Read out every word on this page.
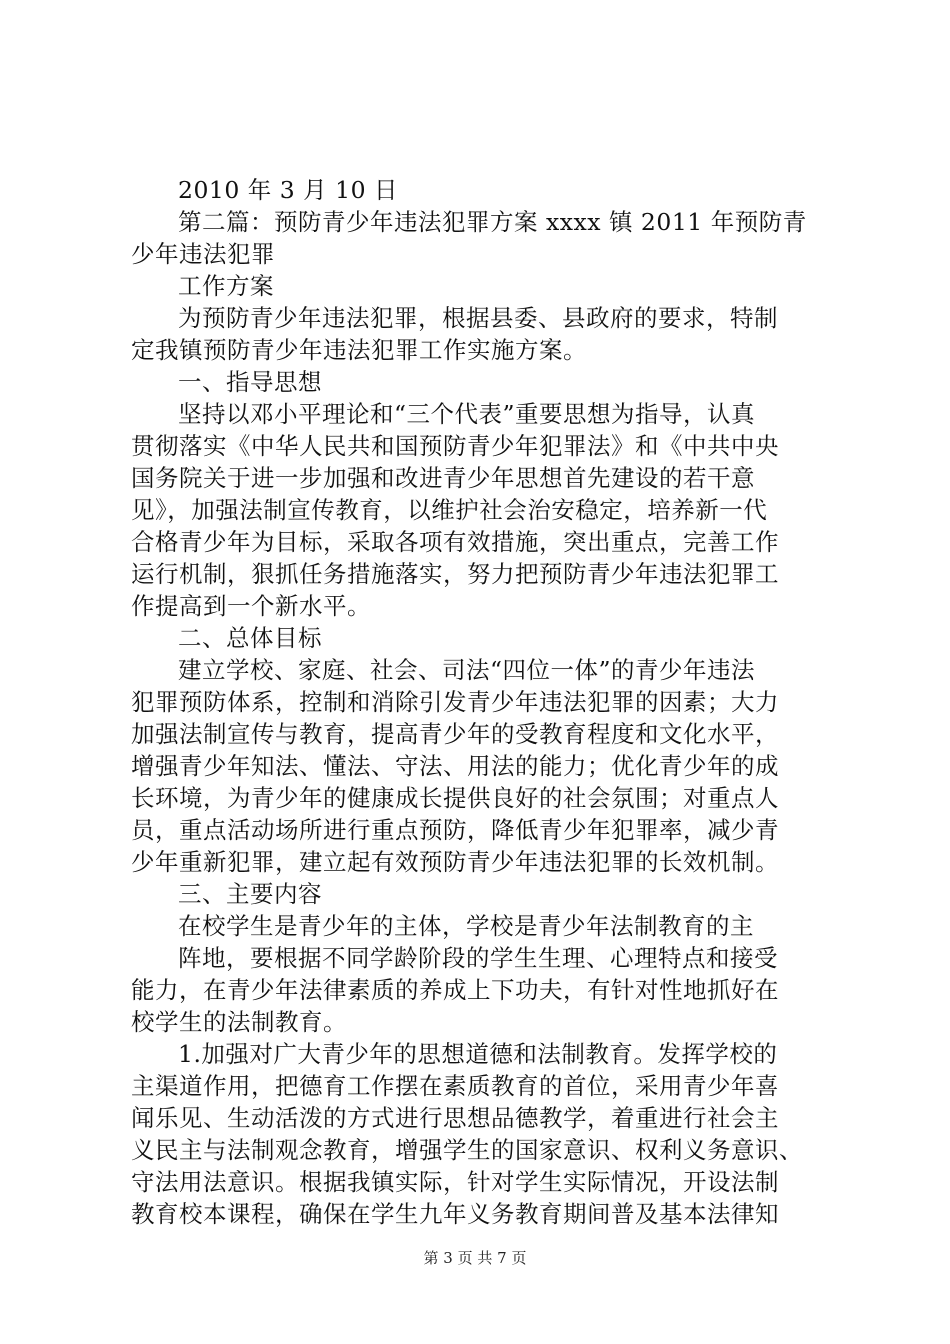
2010 年 3 月 10 日
第二篇：预防青少年违法犯罪方案 xxxx 镇 2011 年预防青
少年违法犯罪
工作方案
为预防青少年违法犯罪，根据县委、县政府的要求，特制
定我镇预防青少年违法犯罪工作实施方案。
一、指导思想
坚持以邓小平理论和“三个代表”重要思想为指导，认真
贯彻落实《中华人民共和国预防青少年犯罪法》和《中共中央
国务院关于进一步加强和改进青少年思想首先建设的若干意
见》，加强法制宣传教育，以维护社会治安稳定，培养新一代
合格青少年为目标，采取各项有效措施，突出重点，完善工作
运行机制，狠抓任务措施落实，努力把预防青少年违法犯罪工
作提高到一个新水平。
二、总体目标
建立学校、家庭、社会、司法“四位一体”的青少年违法
犯罪预防体系，控制和消除引发青少年违法犯罪的因素；大力
加强法制宣传与教育，提高青少年的受教育程度和文化水平，
增强青少年知法、懂法、守法、用法的能力；优化青少年的成
长环境，为青少年的健康成长提供良好的社会氛围；对重点人
员，重点活动场所进行重点预防，降低青少年犯罪率，减少青
少年重新犯罪，建立起有效预防青少年违法犯罪的长效机制。
三、主要内容
在校学生是青少年的主体，学校是青少年法制教育的主
阵地，要根据不同学龄阶段的学生生理、心理特点和接受
能力，在青少年法律素质的养成上下功夫，有针对性地抓好在
校学生的法制教育。
1.加强对广大青少年的思想道德和法制教育。发挥学校的
主渠道作用，把德育工作摆在素质教育的首位，采用青少年喜
闻乐见、生动活泼的方式进行思想品德教学，着重进行社会主
义民主与法制观念教育，增强学生的国家意识、权利义务意识、
守法用法意识。根据我镇实际，针对学生实际情况，开设法制
教育校本课程，确保在学生九年义务教育期间普及基本法律知
第 3 页 共 7 页
